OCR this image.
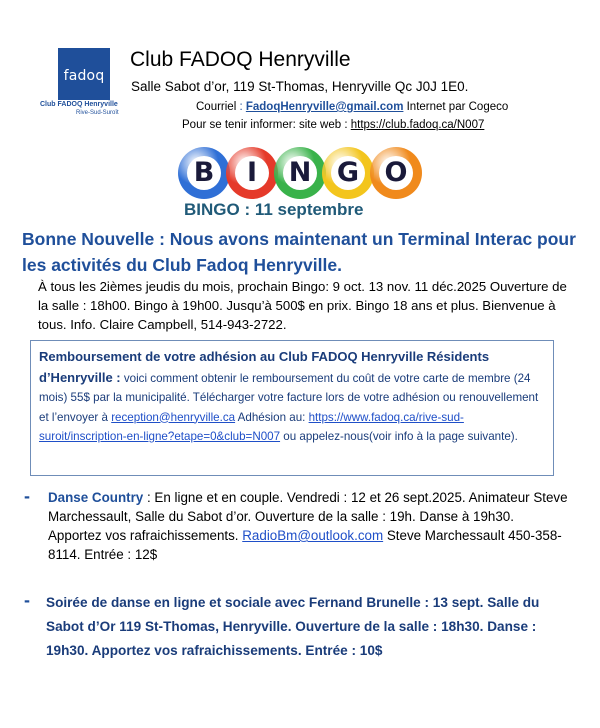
fadoq
Club FADOQ Henryville
Rive-Sud-Suroît
Club FADOQ Henryville
Salle Sabot d’or, 119 St-Thomas, Henryville Qc J0J 1E0.
Courriel : FadoqHenryville@gmail.com Internet par Cogeco
Pour se tenir informer: site web : https://club.fadoq.ca/N007
B	I	N G O
BINGO : 11 septembre
Bonne Nouvelle : Nous avons maintenant un Terminal Interac pour les activités du Club Fadoq Henryville.
À tous les 2ièmes jeudis du mois, prochain Bingo: 9 oct. 13 nov. 11 déc.2025 Ouverture de la salle : 18h00. Bingo à 19h00. Jusqu’à 500$ en prix. Bingo 18 ans et plus. Bienvenue à tous. Info. Claire Campbell, 514-943-2722.
Remboursement de votre adhésion au Club FADOQ Henryville Résidents d’Henryville : voici comment obtenir le remboursement du coût de votre carte de membre (24 mois) 55$ par la municipalité. Télécharger votre facture lors de votre adhésion ou renouvellement et l’envoyer à reception@henryville.ca Adhésion au: https://www.fadoq.ca/rive-sud-suroit/inscription-en-ligne?etape=0&club=N007 ou appelez-nous(voir info à la page suivante).
- Danse Country : En ligne et en couple. Vendredi : 12 et 26 sept.2025. Animateur Steve Marchessault, Salle du Sabot d’or. Ouverture de la salle : 19h. Danse à 19h30. Apportez vos rafraichissements. RadioBm@outlook.com Steve Marchessault 450-358-8114. Entrée : 12$
- Soirée de danse en ligne et sociale avec Fernand Brunelle : 13 sept. Salle du Sabot d’Or 119 St-Thomas, Henryville. Ouverture de la salle : 18h30. Danse : 19h30. Apportez vos rafraichissements. Entrée : 10$
